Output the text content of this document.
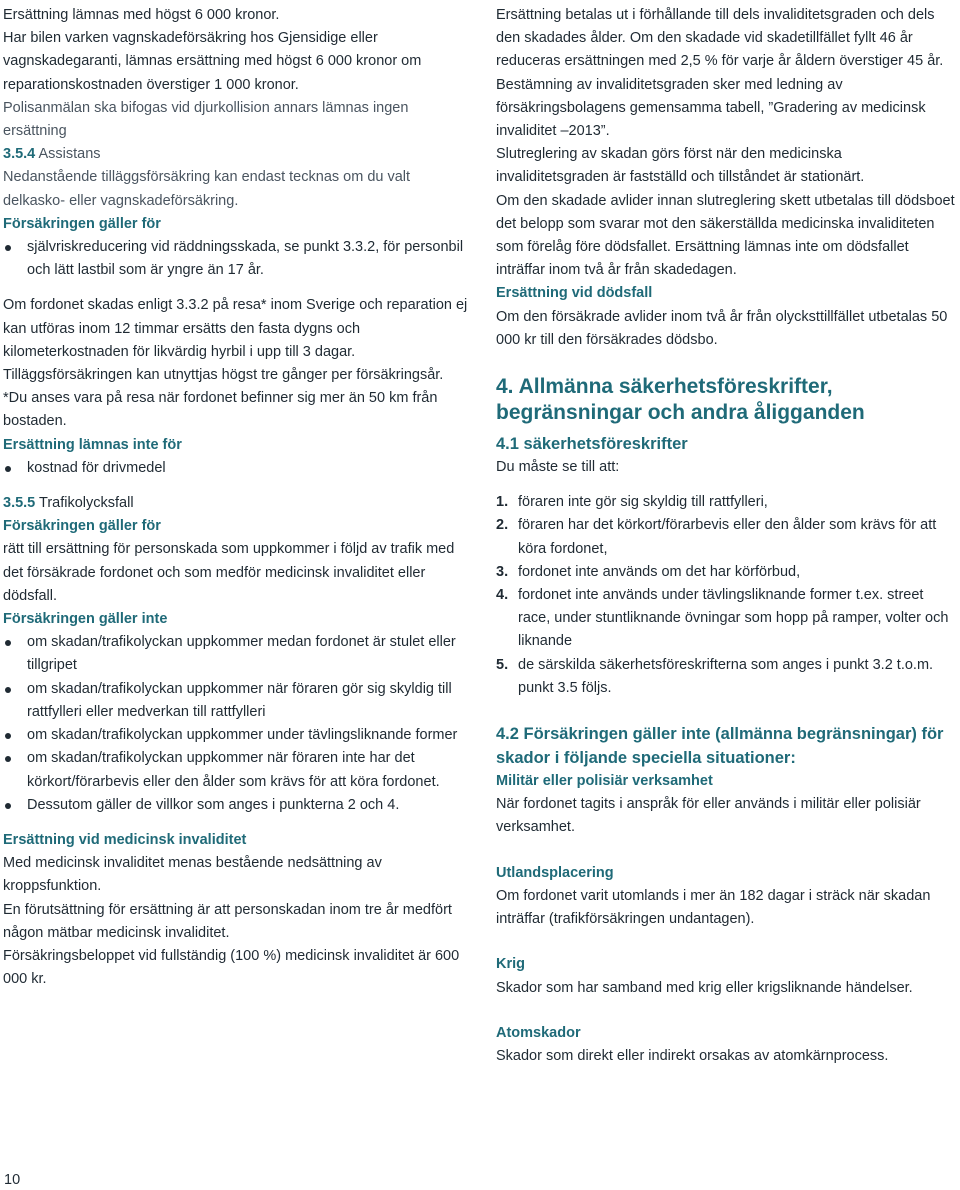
Ersättning lämnas med högst 6 000 kronor.

Har bilen varken vagnskadeförsäkring hos Gjensidige eller vagnskadegaranti, lämnas ersättning med högst 6 000 kronor om reparationskostnaden överstiger 1 000 kronor.

Polisanmälan ska bifogas vid djurkollision annars lämnas ingen ersättning

3.5.4 Assistans

Nedanstående tilläggsförsäkring kan endast tecknas om du valt delkasko- eller vagnskadeförsäkring.

Försäkringen gäller för

självriskreducering vid räddningsskada, se punkt 3.3.2, för personbil och lätt lastbil som är yngre än 17 år.

Om fordonet skadas enligt 3.3.2 på resa* inom Sverige och reparation ej kan utföras inom 12 timmar ersätts den fasta dygns och kilometerkostnaden för likvärdig hyrbil i upp till 3 dagar.

Tilläggsförsäkringen kan utnyttjas högst tre gånger per försäkringsår.

*Du anses vara på resa när fordonet befinner sig mer än 50 km från bostaden.

Ersättning lämnas inte för

kostnad för drivmedel

3.5.5 Trafikolycksfall

Försäkringen gäller för

rätt till ersättning för personskada som uppkommer i följd av trafik med det försäkrade fordonet och som medför medicinsk invaliditet eller dödsfall.

Försäkringen gäller inte

om skadan/trafikolyckan uppkommer medan fordonet är stulet eller tillgripet
om skadan/trafikolyckan uppkommer när föraren gör sig skyldig till rattfylleri eller medverkan till rattfylleri
om skadan/trafikolyckan uppkommer under tävlingsliknande former
om skadan/trafikolyckan uppkommer när föraren inte har det körkort/förarbevis eller den ålder som krävs för att köra fordonet.
Dessutom gäller de villkor som anges i punkterna 2 och 4.

Ersättning vid medicinsk invaliditet

Med medicinsk invaliditet menas bestående nedsättning av kroppsfunktion.

En förutsättning för ersättning är att personskadan inom tre år medfört någon mätbar medicinsk invaliditet.

Försäkringsbeloppet vid fullständig (100 %) medicinsk invaliditet är 600 000 kr.

Ersättning betalas ut i förhållande till dels invaliditetsgraden och dels den skadades ålder. Om den skadade vid skadetillfället fyllt 46 år reduceras ersättningen med 2,5 % för varje år åldern överstiger 45 år.

Bestämning av invaliditetsgraden sker med ledning av försäkringsbolagens gemensamma tabell, ”Gradering av medicinsk invaliditet –2013”.

Slutreglering av skadan görs först när den medicinska invaliditetsgraden är fastställd och tillståndet är stationärt.

Om den skadade avlider innan slutreglering skett utbetalas till dödsboet det belopp som svarar mot den säkerställda medicinska invaliditeten som förelåg före dödsfallet. Ersättning lämnas inte om dödsfallet inträffar inom två år från skadedagen.

Ersättning vid dödsfall

Om den försäkrade avlider inom två år från olycksttillfället utbetalas 50 000 kr till den försäkrades dödsbo.

4. Allmänna säkerhetsföreskrifter, begränsningar och andra åligganden
4.1 säkerhetsföreskrifter

Du måste se till att:

1. föraren inte gör sig skyldig till rattfylleri,
2. föraren har det körkort/förarbevis eller den ålder som krävs för att köra fordonet,
3. fordonet inte används om det har körförbud,
4. fordonet inte används under tävlingsliknande former t.ex. street race, under stuntliknande övningar som hopp på ramper, volter och liknande
5. de särskilda säkerhetsföreskrifterna som anges i punkt 3.2 t.o.m. punkt 3.5 följs.
4.2 Försäkringen gäller inte (allmänna begränsningar) för skador i följande speciella situationer:

Militär eller polisiär verksamhet

När fordonet tagits i anspråk för eller används i militär eller polisiär verksamhet.

Utlandsplacering

Om fordonet varit utomlands i mer än 182 dagar i sträck när skadan inträffar (trafikförsäkringen undantagen).

Krig

Skador som har samband med krig eller krigsliknande händelser.

Atomskador

Skador som direkt eller indirekt orsakas av atomkärnprocess.

10
